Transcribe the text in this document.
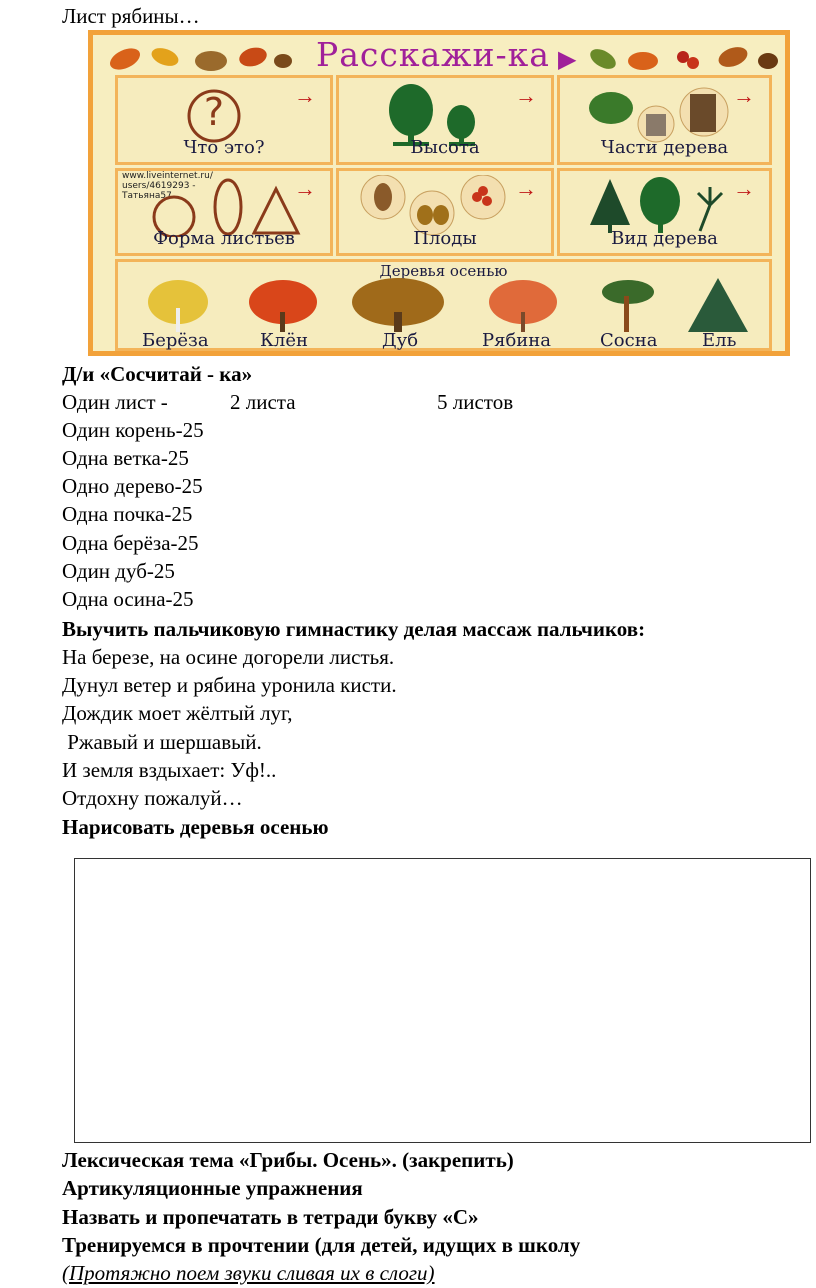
Лист рябины…
Расскажи-ка ▶
→
?
Что это?
→
Высота
→
Части дерева
→
www.liveinternet.ru/
users/4619293 -
Татьяна57
Форма листьев
→
Плоды
→
Вид дерева
Деревья осенью
Берёза	Клён	Дуб	Рябина	Сосна Ель
Д/и «Сосчитай - ка»
Один лист -	2 листа	5 листов
Один корень-25
Одна ветка-25
Одно дерево-25
Одна почка-25
Одна берёза-25
Один дуб-25
Одна осина-25
Выучить пальчиковую гимнастику делая массаж пальчиков:
На березе, на осине догорели листья.
Дунул ветер и рябина уронила кисти.
Дождик моет жёлтый луг,
Ржавый и шершавый.
И земля вздыхает: Уф!..
Отдохну пожалуй…
Нарисовать деревья осенью
Лексическая тема «Грибы. Осень». (закрепить)
Артикуляционные упражнения
Назвать и пропечатать в тетради букву «С»
Тренируемся в прочтении (для детей, идущих в школу
(Протяжно поем звуки сливая их в слоги)
